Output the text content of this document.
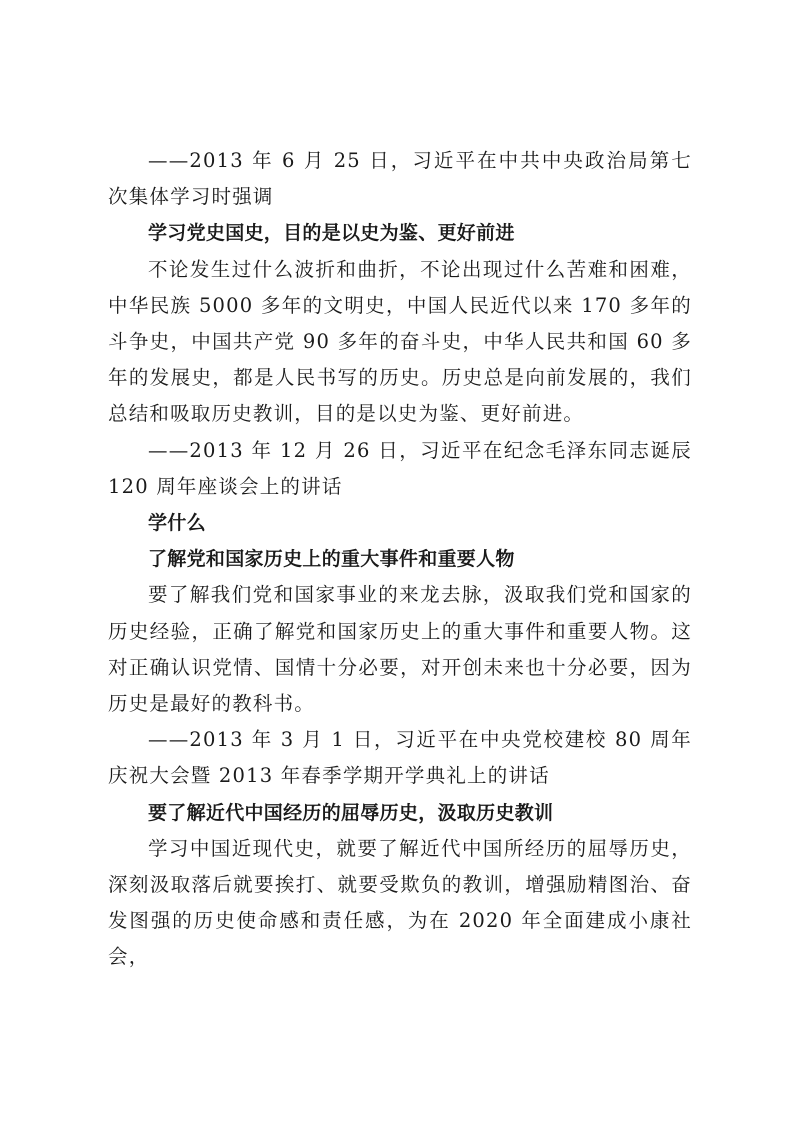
——2013 年 6 月 25 日，习近平在中共中央政治局第七次集体学习时强调

学习党史国史，目的是以史为鉴、更好前进

不论发生过什么波折和曲折，不论出现过什么苦难和困难，中华民族 5000 多年的文明史，中国人民近代以来 170 多年的斗争史，中国共产党 90 多年的奋斗史，中华人民共和国 60 多年的发展史，都是人民书写的历史。历史总是向前发展的，我们总结和吸取历史教训，目的是以史为鉴、更好前进。

——2013 年 12 月 26 日，习近平在纪念毛泽东同志诞辰 120 周年座谈会上的讲话

学什么

了解党和国家历史上的重大事件和重要人物

要了解我们党和国家事业的来龙去脉，汲取我们党和国家的历史经验，正确了解党和国家历史上的重大事件和重要人物。这对正确认识党情、国情十分必要，对开创未来也十分必要，因为历史是最好的教科书。

——2013 年 3 月 1 日，习近平在中央党校建校 80 周年庆祝大会暨 2013 年春季学期开学典礼上的讲话

要了解近代中国经历的屈辱历史，汲取历史教训

学习中国近现代史，就要了解近代中国所经历的屈辱历史，深刻汲取落后就要挨打、就要受欺负的教训，增强励精图治、奋发图强的历史使命感和责任感，为在 2020 年全面建成小康社会，
